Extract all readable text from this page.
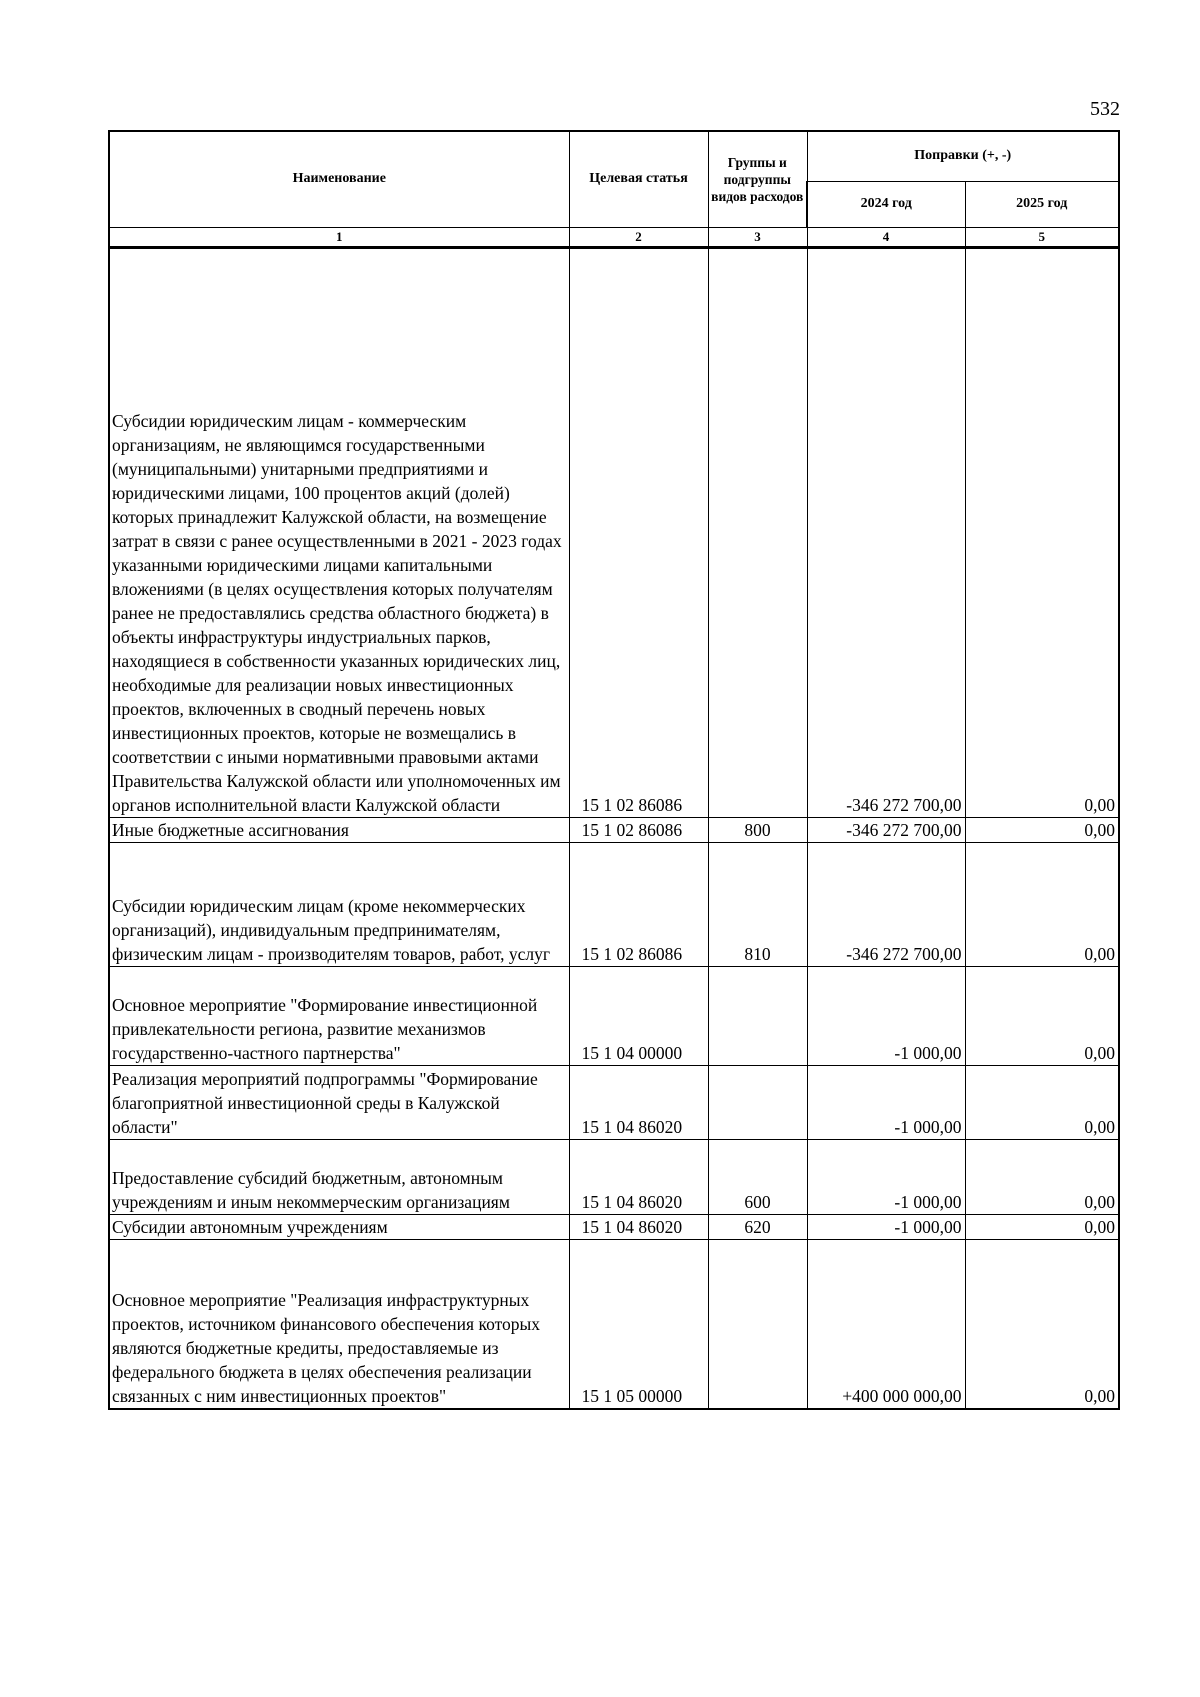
532
Наименование	Целевая статья	Группы и подгруппы видов расходов	Поправки (+, -)	
			2024 год	2025 год
1	2	3	4	5
Субсидии юридическим лицам - коммерческим организациям, не являющимся государственными (муниципальными) унитарными предприятиями и юридическими лицами, 100 процентов акций (долей) которых принадлежит Калужской области, на возмещение затрат в связи с ранее осуществленными в 2021 - 2023 годах указанными юридическими лицами капитальными вложениями (в целях осуществления которых получателям ранее не предоставлялись средства областного бюджета) в объекты инфраструктуры индустриальных парков, находящиеся в собственности указанных юридических лиц, необходимые для реализации новых инвестиционных проектов, включенных в сводный перечень новых инвестиционных проектов, которые не возмещались в соответствии с иными нормативными правовыми актами Правительства Калужской области или уполномоченных им органов исполнительной власти Калужской области	15 1 02 86086		-346 272 700,00	0,00
Иные бюджетные ассигнования	15 1 02 86086	800	-346 272 700,00	0,00
Субсидии юридическим лицам (кроме некоммерческих организаций), индивидуальным предпринимателям, физическим лицам - производителям товаров, работ, услуг	15 1 02 86086	810	-346 272 700,00	0,00
Основное мероприятие "Формирование инвестиционной привлекательности региона, развитие механизмов государственно-частного партнерства"	15 1 04 00000		-1 000,00	0,00
Реализация мероприятий подпрограммы "Формирование благоприятной инвестиционной среды в Калужской области"	15 1 04 86020		-1 000,00	0,00
Предоставление субсидий бюджетным, автономным учреждениям и иным некоммерческим организациям	15 1 04 86020	600	-1 000,00	0,00
Субсидии автономным учреждениям	15 1 04 86020	620	-1 000,00	0,00
Основное мероприятие "Реализация инфраструктурных проектов, источником финансового обеспечения которых являются бюджетные кредиты, предоставляемые из федерального бюджета в целях обеспечения реализации связанных с ним инвестиционных проектов"	15 1 05 00000		+400 000 000,00	0,00
